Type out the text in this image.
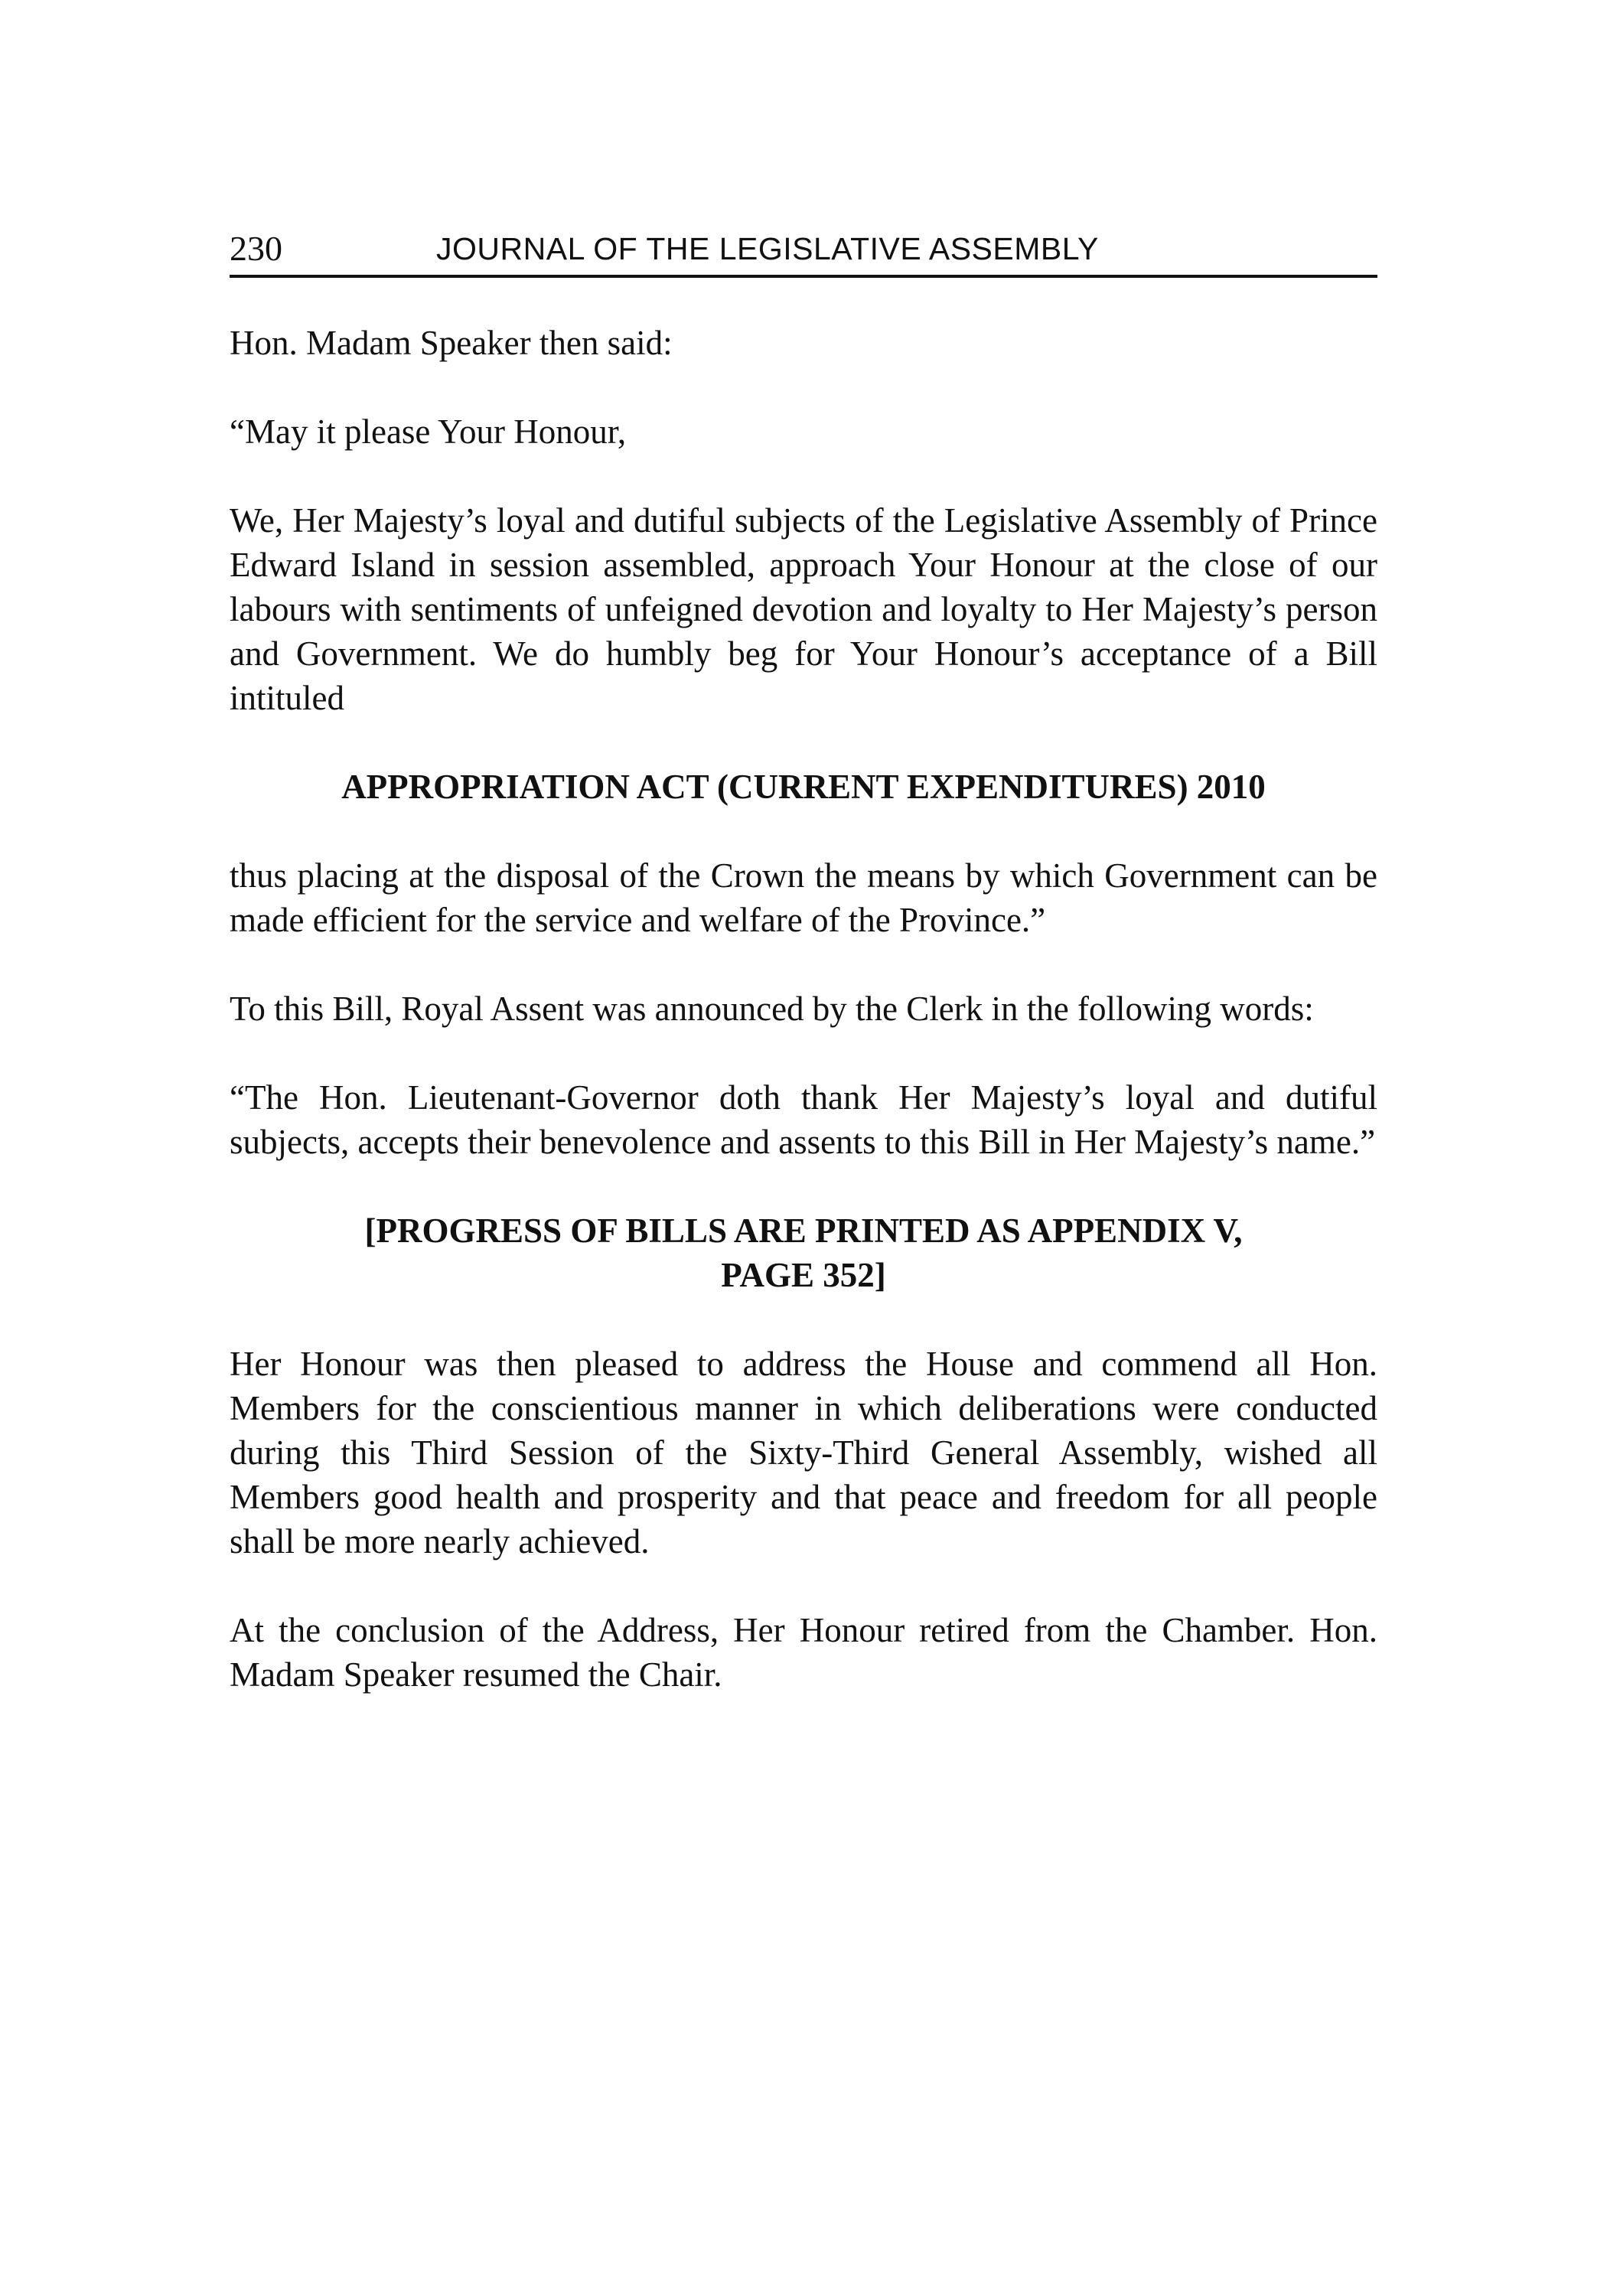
230	JOURNAL OF THE LEGISLATIVE ASSEMBLY

Hon. Madam Speaker then said:

“May it please Your Honour,

We, Her Majesty’s loyal and dutiful subjects of the Legislative Assembly of Prince Edward Island in session assembled, approach Your Honour at the close of our labours with sentiments of unfeigned devotion and loyalty to Her Majesty’s person and Government. We do humbly beg for Your Honour’s acceptance of a Bill intituled

APPROPRIATION ACT (CURRENT EXPENDITURES) 2010

thus placing at the disposal of the Crown the means by which Government can be made efficient for the service and welfare of the Province.”

To this Bill, Royal Assent was announced by the Clerk in the following words:

“The Hon. Lieutenant-Governor doth thank Her Majesty’s loyal and dutiful subjects, accepts their benevolence and assents to this Bill in Her Majesty’s name.”

[PROGRESS OF BILLS ARE PRINTED AS APPENDIX V,
PAGE 352]

Her Honour was then pleased to address the House and commend all Hon. Members for the conscientious manner in which deliberations were conducted during this Third Session of the Sixty-Third General Assembly, wished all Members good health and prosperity and that peace and freedom for all people shall be more nearly achieved.

At the conclusion of the Address, Her Honour retired from the Chamber. Hon. Madam Speaker resumed the Chair.
